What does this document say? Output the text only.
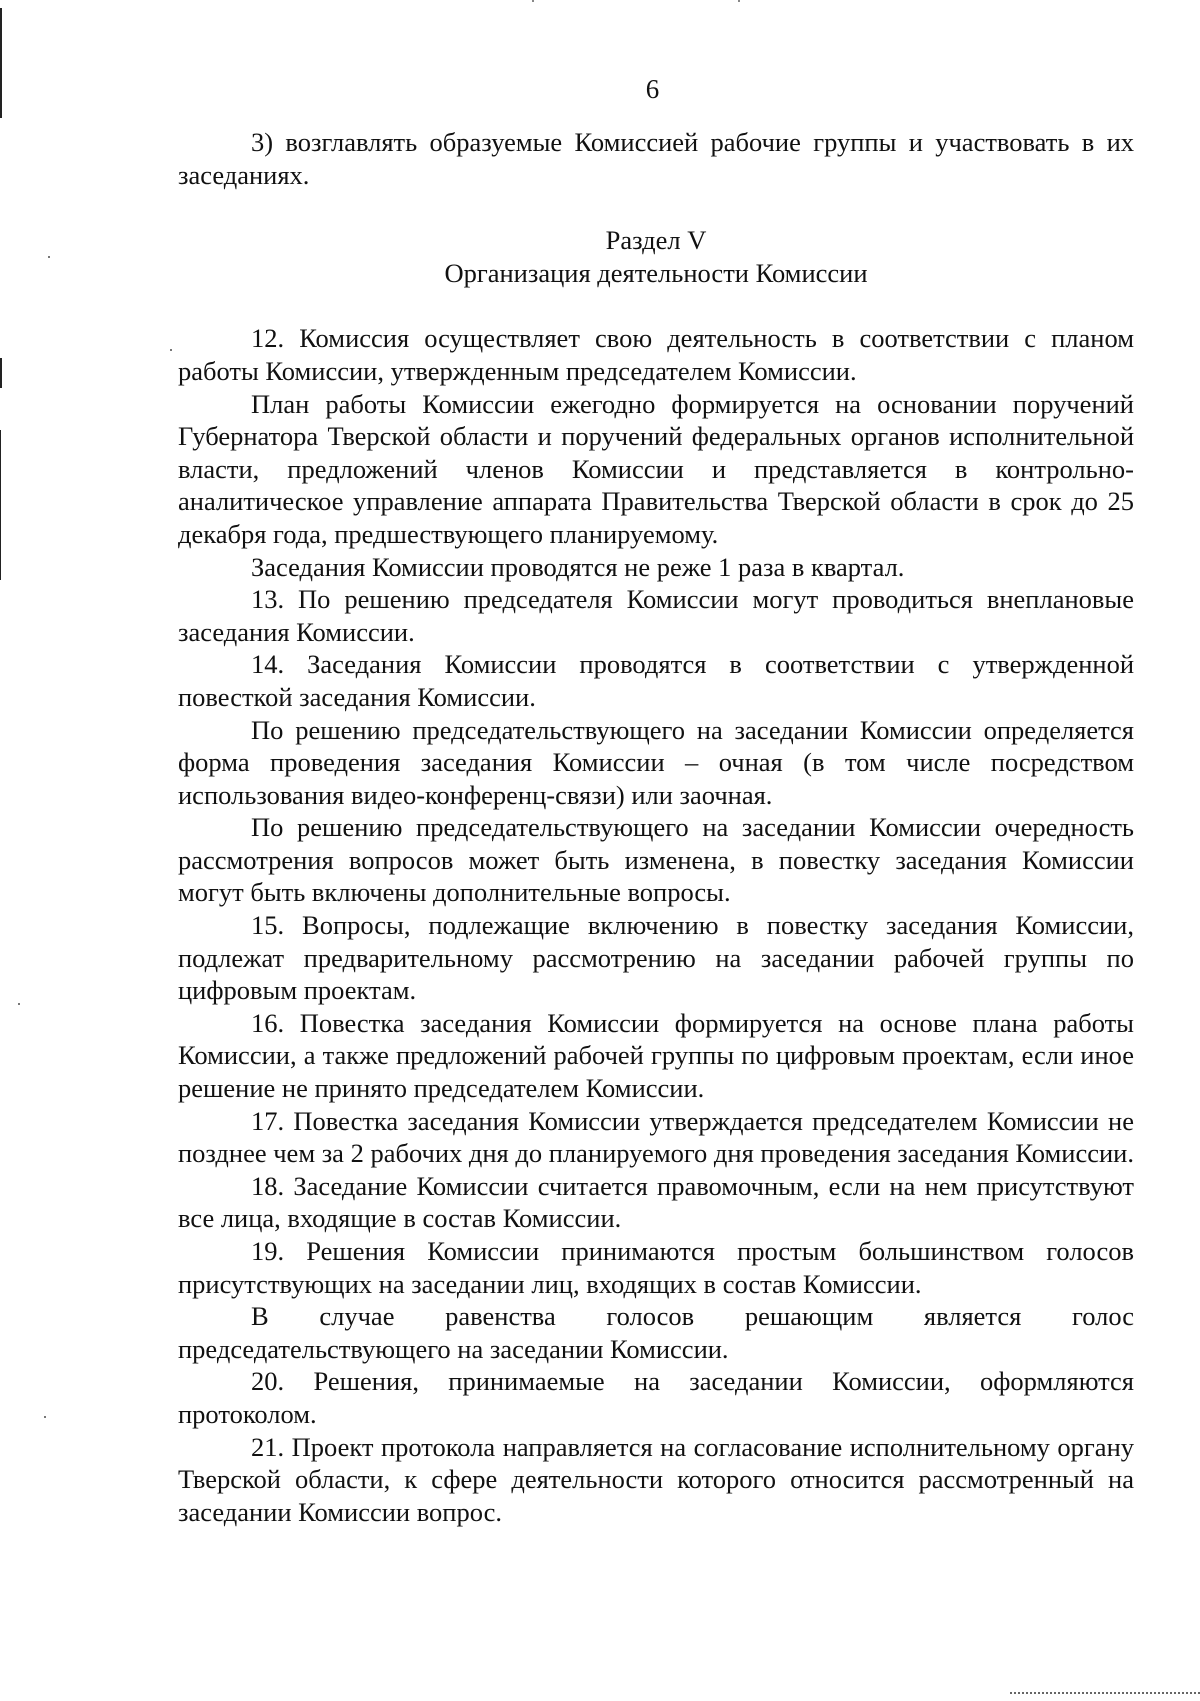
6

3) возглавлять образуемые Комиссией рабочие группы и участвовать в их заседаниях.

Раздел V
Организация деятельности Комиссии

12. Комиссия осуществляет свою деятельность в соответствии с планом работы Комиссии, утвержденным председателем Комиссии.

План работы Комиссии ежегодно формируется на основании поручений Губернатора Тверской области и поручений федеральных органов исполнительной власти, предложений членов Комиссии и представляется в контрольно-аналитическое управление аппарата Правительства Тверской области в срок до 25 декабря года, предшествующего планируемому.

Заседания Комиссии проводятся не реже 1 раза в квартал.

13. По решению председателя Комиссии могут проводиться внеплановые заседания Комиссии.

14. Заседания Комиссии проводятся в соответствии с утвержденной повесткой заседания Комиссии.

По решению председательствующего на заседании Комиссии определяется форма проведения заседания Комиссии – очная (в том числе посредством использования видео-конференц-связи) или заочная.

По решению председательствующего на заседании Комиссии очередность рассмотрения вопросов может быть изменена, в повестку заседания Комиссии могут быть включены дополнительные вопросы.

15. Вопросы, подлежащие включению в повестку заседания Комиссии, подлежат предварительному рассмотрению на заседании рабочей группы по цифровым проектам.

16. Повестка заседания Комиссии формируется на основе плана работы Комиссии, а также предложений рабочей группы по цифровым проектам, если иное решение не принято председателем Комиссии.

17. Повестка заседания Комиссии утверждается председателем Комиссии не позднее чем за 2 рабочих дня до планируемого дня проведения заседания Комиссии.

18. Заседание Комиссии считается правомочным, если на нем присутствуют все лица, входящие в состав Комиссии.

19. Решения Комиссии принимаются простым большинством голосов присутствующих на заседании лиц, входящих в состав Комиссии.

В случае равенства голосов решающим является голос председательствующего на заседании Комиссии.

20. Решения, принимаемые на заседании Комиссии, оформляются протоколом.

21. Проект протокола направляется на согласование исполнительному органу Тверской области, к сфере деятельности которого относится рассмотренный на заседании Комиссии вопрос.
